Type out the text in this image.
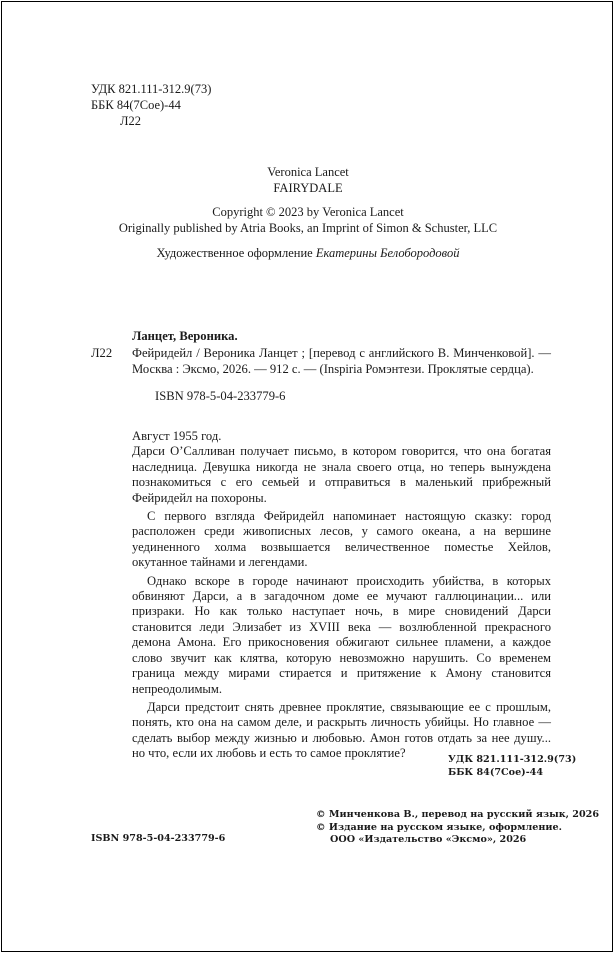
УДК 821.111-312.9(73)
ББК 84(7Сое)-44
Л22
Veronica Lancet
FAIRYDALE
Copyright © 2023 by Veronica Lancet
Originally published by Atria Books, an Imprint of Simon & Schuster, LLC
Художественное оформление Екатерины Белобородовой
Ланцет, Вероника.
Л22 Фейридейл / Вероника Ланцет ; [перевод с английского В. Минченковой]. — Москва : Эксмо, 2026. — 912 с. — (Inspiria Ромэнтези. Проклятые сердца).
ISBN 978-5-04-233779-6

Август 1955 год.

Дарси О’Салливан получает письмо, в котором говорится, что она богатая наследница. Девушка никогда не знала своего отца, но теперь вынуждена познакомиться с его семьей и отправиться в маленький прибрежный Фейридейл на похороны.

С первого взгляда Фейридейл напоминает настоящую сказку: город расположен среди живописных лесов, у самого океана, а на вершине уединенного холма возвышается величественное поместье Хейлов, окутанное тайнами и легендами.

Однако вскоре в городе начинают происходить убийства, в которых обвиняют Дарси, а в загадочном доме ее мучают галлюцинации... или призраки. Но как только наступает ночь, в мире сновидений Дарси становится леди Элизабет из XVIII века — возлюбленной прекрасного демона Амона. Его прикосновения обжигают сильнее пламени, а каждое слово звучит как клятва, которую невозможно нарушить. Со временем граница между мирами стирается и притяжение к Амону становится непреодолимым.

Дарси предстоит снять древнее проклятие, связывающие ее с прошлым, понять, кто она на самом деле, и раскрыть личность убийцы. Но главное — сделать выбор между жизнью и любовью. Амон готов отдать за нее душу... но что, если их любовь и есть то самое проклятие?	УДК 821.111-312.9(73)
ББК 84(7Сое)-44
ISBN 978-5-04-233779-6
© Минченкова В., перевод на русский язык, 2026
© Издание на русском языке, оформление.
ООО «Издательство «Эксмо», 2026
